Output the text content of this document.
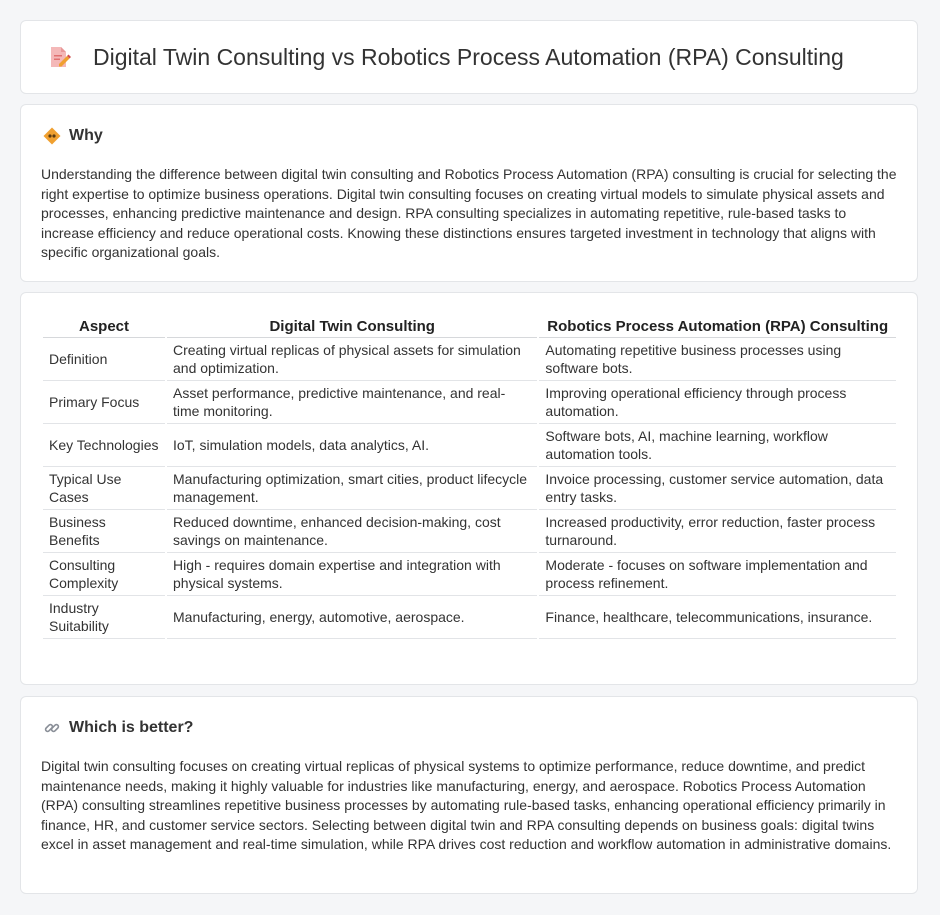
Digital Twin Consulting vs Robotics Process Automation (RPA) Consulting
Why

Understanding the difference between digital twin consulting and Robotics Process Automation (RPA) consulting is crucial for selecting the right expertise to optimize business operations. Digital twin consulting focuses on creating virtual models to simulate physical assets and processes, enhancing predictive maintenance and design. RPA consulting specializes in automating repetitive, rule-based tasks to increase efficiency and reduce operational costs. Knowing these distinctions ensures targeted investment in technology that aligns with specific organizational goals.

Aspect	Digital Twin Consulting	Robotics Process Automation (RPA) Consulting
Definition	Creating virtual replicas of physical assets for simulation and optimization.	Automating repetitive business processes using software bots.
Primary Focus	Asset performance, predictive maintenance, and real-time monitoring.	Improving operational efficiency through process automation.
Key Technologies	IoT, simulation models, data analytics, AI.	Software bots, AI, machine learning, workflow automation tools.
Typical Use Cases	Manufacturing optimization, smart cities, product lifecycle management.	Invoice processing, customer service automation, data entry tasks.
Business Benefits	Reduced downtime, enhanced decision-making, cost savings on maintenance.	Increased productivity, error reduction, faster process turnaround.
Consulting Complexity	High - requires domain expertise and integration with physical systems.	Moderate - focuses on software implementation and process refinement.
Industry Suitability	Manufacturing, energy, automotive, aerospace.	Finance, healthcare, telecommunications, insurance.
Which is better?

Digital twin consulting focuses on creating virtual replicas of physical systems to optimize performance, reduce downtime, and predict maintenance needs, making it highly valuable for industries like manufacturing, energy, and aerospace. Robotics Process Automation (RPA) consulting streamlines repetitive business processes by automating rule-based tasks, enhancing operational efficiency primarily in finance, HR, and customer service sectors. Selecting between digital twin and RPA consulting depends on business goals: digital twins excel in asset management and real-time simulation, while RPA drives cost reduction and workflow automation in administrative domains.
